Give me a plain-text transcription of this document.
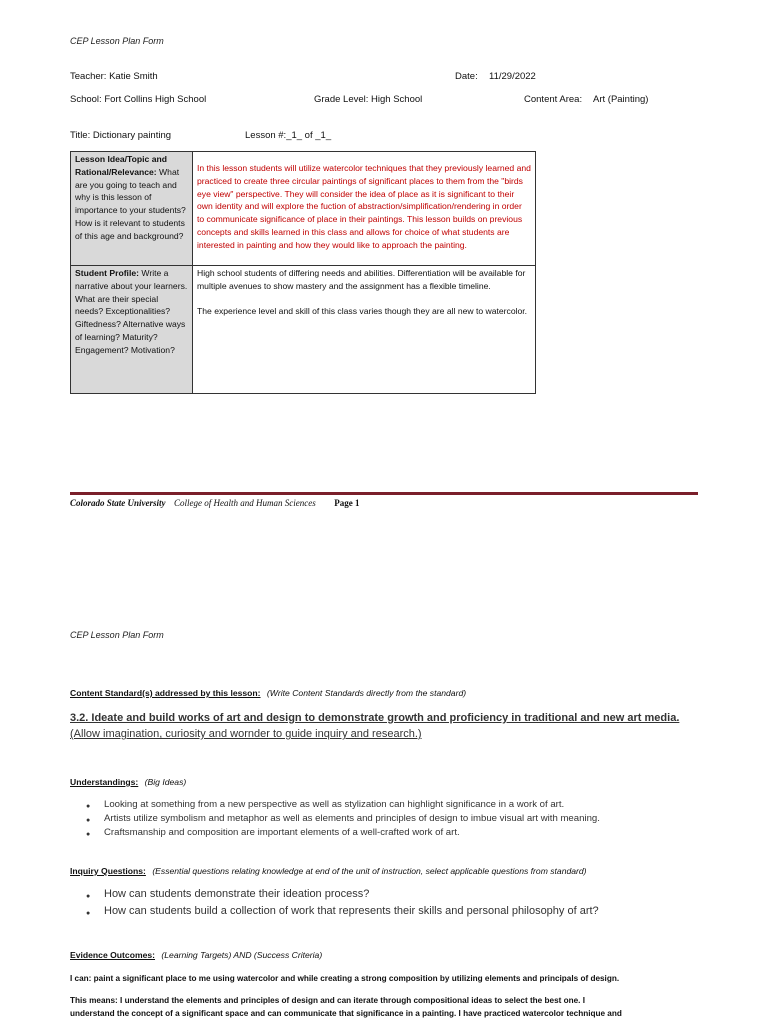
CEP Lesson Plan Form
Teacher: Katie Smith	Date: 11/29/2022
School: Fort Collins High School	Grade Level: High School	Content Area: Art (Painting)
Title: Dictionary painting	Lesson #:_1_ of _1_
Lesson Idea/Topic and Rational/Relevance: What are you going to teach and why is this lesson of importance to your students? How is it relevant to students of this age and background?	In this lesson students will utilize watercolor techniques that they previously learned and practiced to create three circular paintings of significant places to them from the "birds eye view" perspective. They will consider the idea of place as it is significant to their own identity and will explore the fuction of abstraction/simplification/rendering in order to communicate significance of place in their paintings. This lesson builds on previous concepts and skills learned in this class and allows for choice of what students are interested in painting and how they would like to approach the painting.
Student Profile: Write a narrative about your learners. What are their special needs? Exceptionalities? Giftedness? Alternative ways of learning? Maturity? Engagement? Motivation?	High school students of differing needs and abilities. Differentiation will be available for multiple avenues to show mastery and the assignment has a flexible timeline.
The experience level and skill of this class varies though they are all new to watercolor.
Colorado State University College of Health and Human Sciences Page 1
CEP Lesson Plan Form
Content Standard(s) addressed by this lesson: (Write Content Standards directly from the standard)
3.2. Ideate and build works of art and design to demonstrate growth and proficiency in traditional and new art media.
(Allow imagination, curiosity and wornder to guide inquiry and research.)
Understandings: (Big Ideas)
● Looking at something from a new perspective as well as stylization can highlight significance in a work of art.
● Artists utilize symbolism and metaphor as well as elements and principles of design to imbue visual art with meaning.
● Craftsmanship and composition are important elements of a well-crafted work of art.
Inquiry Questions: (Essential questions relating knowledge at end of the unit of instruction, select applicable questions from standard)
● How can students demonstrate their ideation process?
● How can students build a collection of work that represents their skills and personal philosophy of art?
Evidence Outcomes: (Learning Targets) AND (Success Criteria)
I can: paint a significant place to me using watercolor and while creating a strong composition by utilizing elements and principals of design.
This means: I understand the elements and principles of design and can iterate through compositional ideas to select the best one. I
understand the concept of a significant space and can communicate that significance in a painting. I have practiced watercolor technique and
